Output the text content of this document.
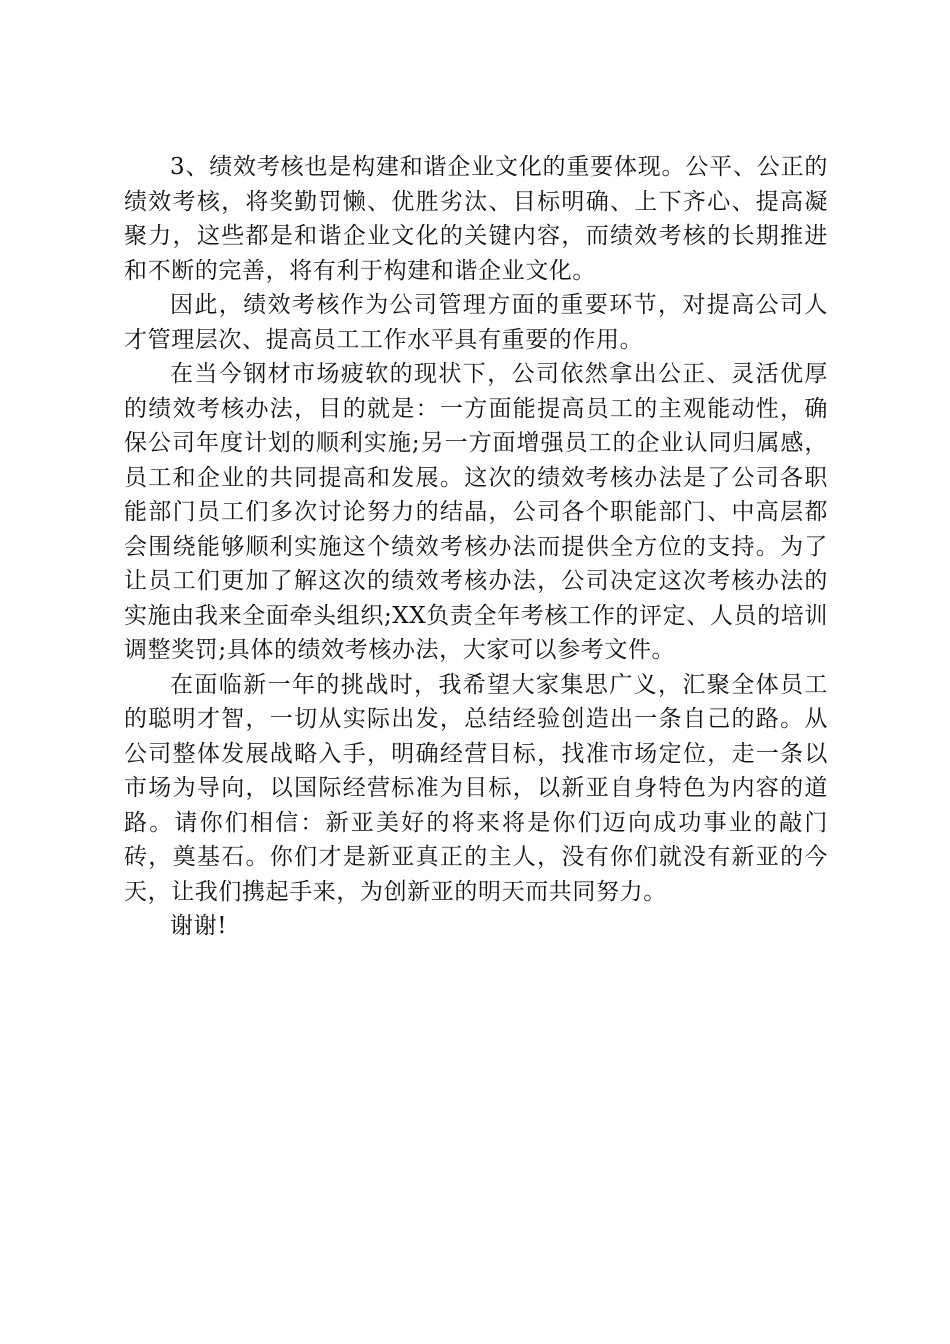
3、绩效考核也是构建和谐企业文化的重要体现。公平、公正的绩效考核，将奖勤罚懒、优胜劣汰、目标明确、上下齐心、提高凝聚力，这些都是和谐企业文化的关键内容，而绩效考核的长期推进和不断的完善，将有利于构建和谐企业文化。

因此，绩效考核作为公司管理方面的重要环节，对提高公司人才管理层次、提高员工工作水平具有重要的作用。

在当今钢材市场疲软的现状下，公司依然拿出公正、灵活优厚的绩效考核办法，目的就是：一方面能提高员工的主观能动性，确保公司年度计划的顺利实施;另一方面增强员工的企业认同归属感，员工和企业的共同提高和发展。这次的绩效考核办法是了公司各职能部门员工们多次讨论努力的结晶，公司各个职能部门、中高层都会围绕能够顺利实施这个绩效考核办法而提供全方位的支持。为了让员工们更加了解这次的绩效考核办法，公司决定这次考核办法的实施由我来全面牵头组织;XX负责全年考核工作的评定、人员的培训调整奖罚;具体的绩效考核办法，大家可以参考文件。

在面临新一年的挑战时，我希望大家集思广义，汇聚全体员工的聪明才智，一切从实际出发，总结经验创造出一条自己的路。从公司整体发展战略入手，明确经营目标，找准市场定位，走一条以市场为导向，以国际经营标准为目标，以新亚自身特色为内容的道路。请你们相信：新亚美好的将来将是你们迈向成功事业的敲门砖，奠基石。你们才是新亚真正的主人，没有你们就没有新亚的今天，让我们携起手来，为创新亚的明天而共同努力。

谢谢!
